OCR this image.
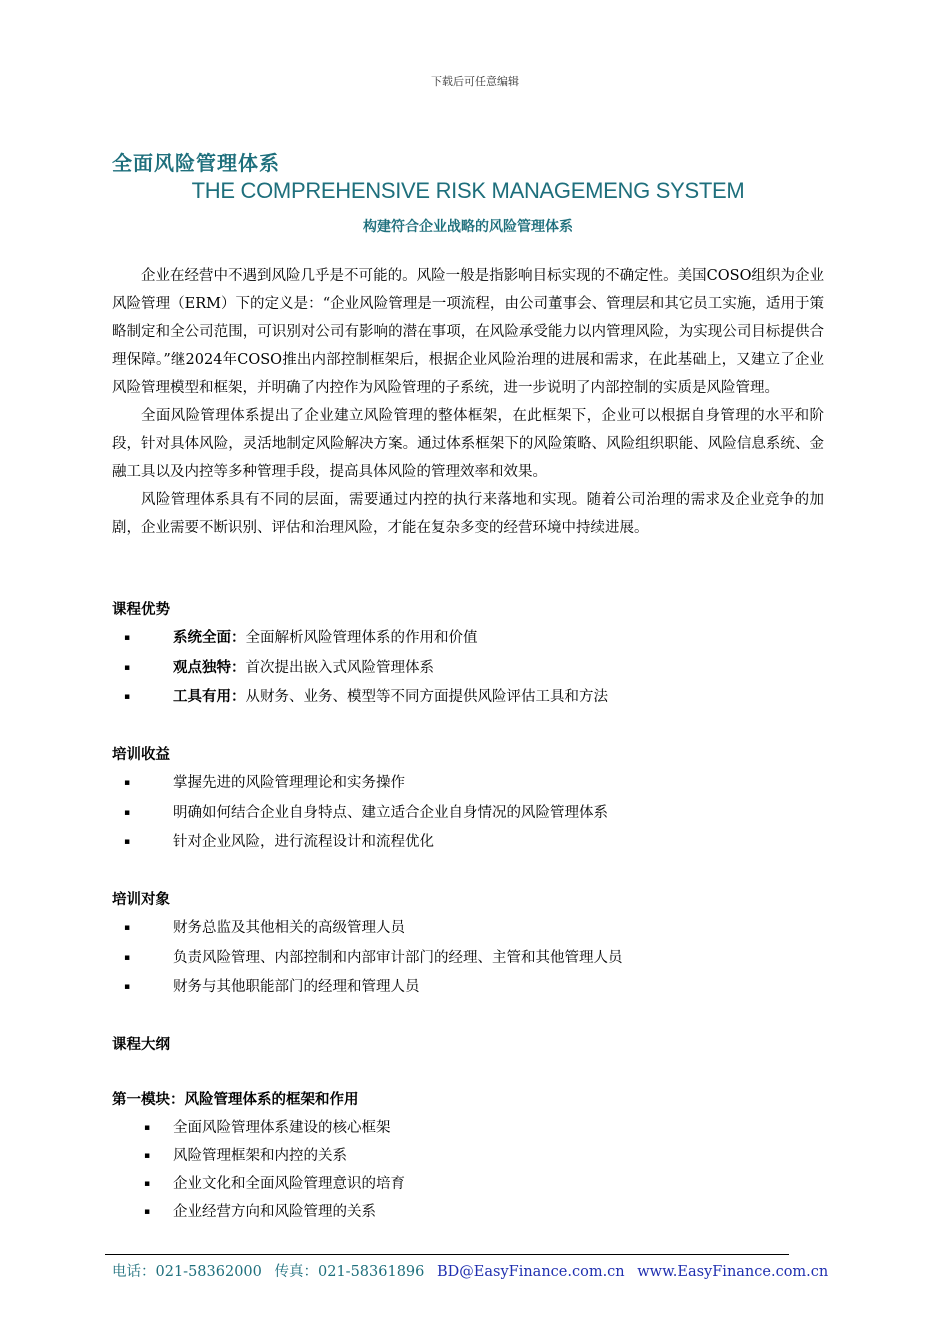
下载后可任意编辑
全面风险管理体系
THE COMPREHENSIVE RISK MANAGEMENG SYSTEM
构建符合企业战略的风险管理体系

企业在经营中不遇到风险几乎是不可能的。风险一般是指影响目标实现的不确定性。美国COSO组织为企业风险管理（ERM）下的定义是：“企业风险管理是一项流程，由公司董事会、管理层和其它员工实施，适用于策略制定和全公司范围，可识别对公司有影响的潜在事项，在风险承受能力以内管理风险，为实现公司目标提供合理保障。”继2024年COSO推出内部控制框架后，根据企业风险治理的进展和需求，在此基础上，又建立了企业风险管理模型和框架，并明确了内控作为风险管理的子系统，进一步说明了内部控制的实质是风险管理。

全面风险管理体系提出了企业建立风险管理的整体框架，在此框架下，企业可以根据自身管理的水平和阶段，针对具体风险，灵活地制定风险解决方案。通过体系框架下的风险策略、风险组织职能、风险信息系统、金融工具以及内控等多种管理手段，提高具体风险的管理效率和效果。

风险管理体系具有不同的层面，需要通过内控的执行来落地和实现。随着公司治理的需求及企业竞争的加剧，企业需要不断识别、评估和治理风险，才能在复杂多变的经营环境中持续进展。

课程优势
▪	系统全面：全面解析风险管理体系的作用和价值
▪	观点独特：首次提出嵌入式风险管理体系
▪	工具有用：从财务、业务、模型等不同方面提供风险评估工具和方法
培训收益
▪	掌握先进的风险管理理论和实务操作
▪	明确如何结合企业自身特点、建立适合企业自身情况的风险管理体系
▪	针对企业风险，进行流程设计和流程优化
培训对象
▪	财务总监及其他相关的高级管理人员
▪	负责风险管理、内部控制和内部审计部门的经理、主管和其他管理人员
▪	财务与其他职能部门的经理和管理人员
课程大纲
第一模块：风险管理体系的框架和作用
▪ 全面风险管理体系建设的核心框架
▪ 风险管理框架和内控的关系
▪ 企业文化和全面风险管理意识的培育
▪ 企业经营方向和风险管理的关系
电话：021-58362000 传真：021-58361896 BD@EasyFinance.com.cn www.EasyFinance.com.cn
